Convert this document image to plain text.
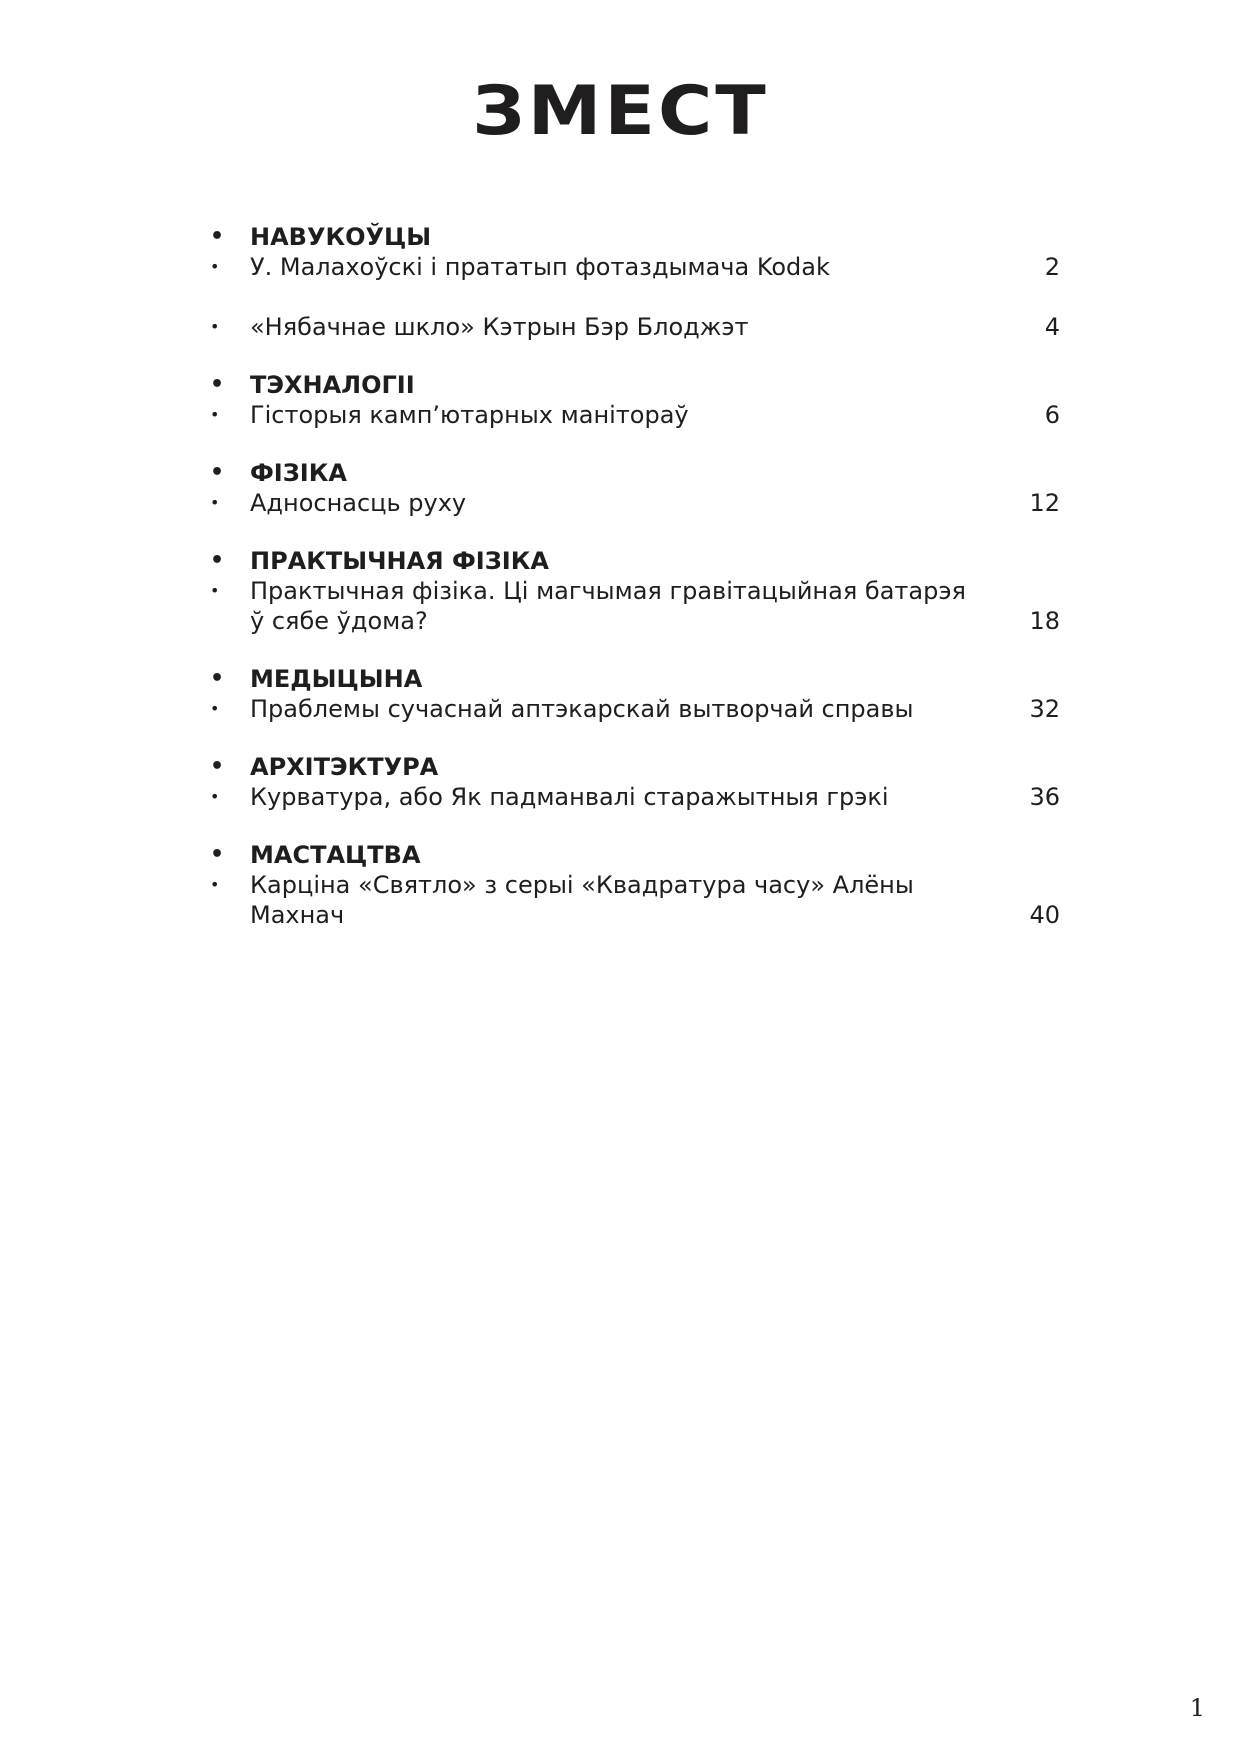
ЗМЕСТ
• НАВУКОЎЦЫ
•	У. Малахоўскі і прататып фотаздымача Kodak	2
•	«Нябачнае шкло» Кэтрын Бэр Блоджэт	4
• ТЭХНАЛОГІІ
•	Гісторыя камп’ютарных манітораў	6
• ФІЗІКА
•	Адноснасць руху	12
• ПРАКТЫЧНАЯ ФІЗІКА
•	Практычная фізіка. Ці магчымая гравітацыйная батарэя ў сябе ўдома?	18
• МЕДЫЦЫНА
•	Праблемы сучаснай аптэкарскай вытворчай справы	32
• АРХІТЭКТУРА
•	Курватура, або Як падманвалі старажытныя грэкі	36
• МАСТАЦТВА
•	Карціна «Святло» з серыі «Квадратура часу» Алёны Махнач	40
1
